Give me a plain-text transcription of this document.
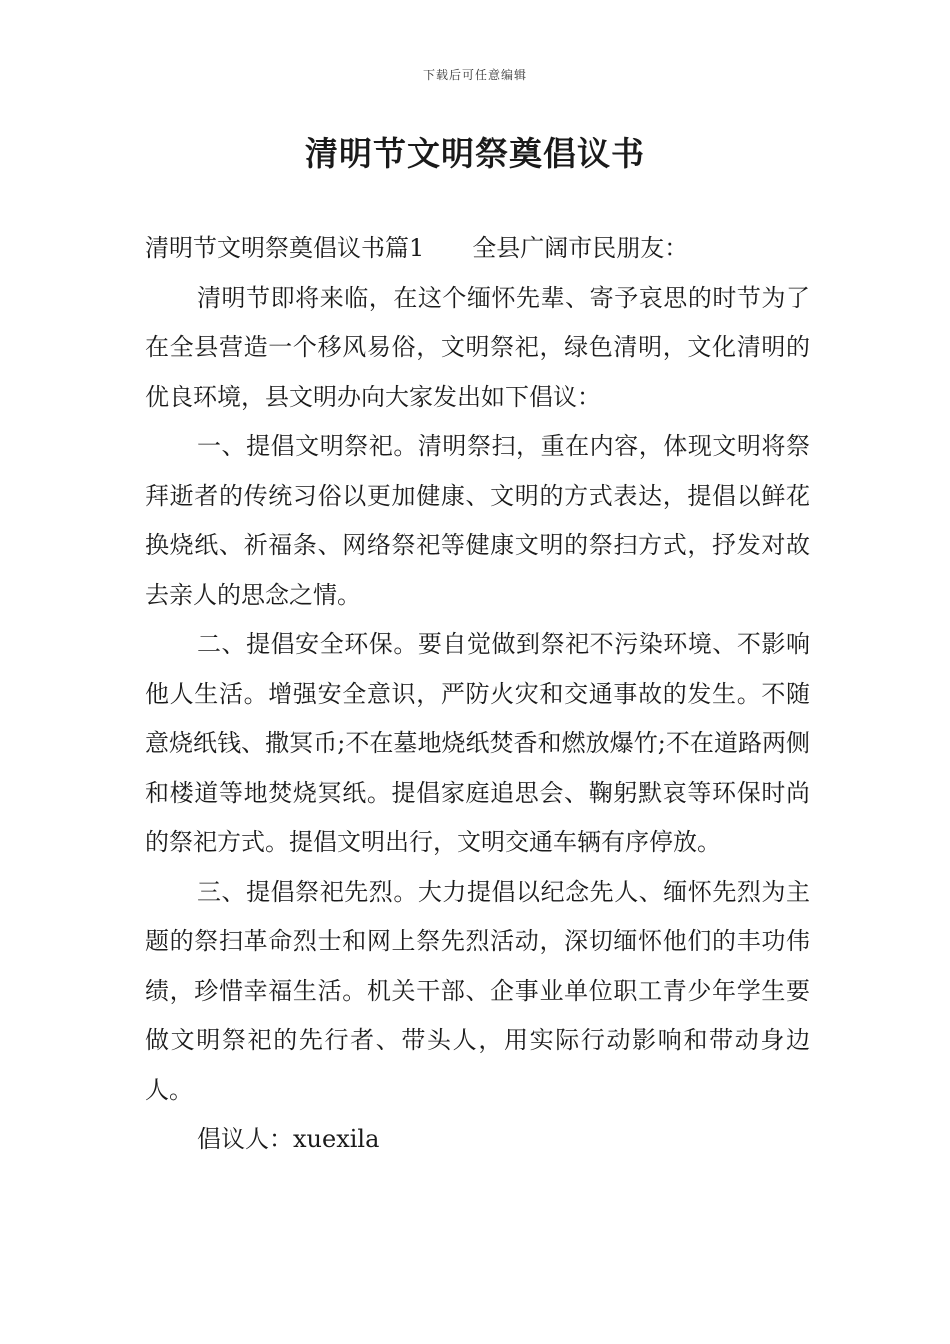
下载后可任意编辑
清明节文明祭奠倡议书

清明节文明祭奠倡议书篇1 全县广阔市民朋友：

清明节即将来临，在这个缅怀先辈、寄予哀思的时节为了在全县营造一个移风易俗，文明祭祀，绿色清明，文化清明的优良环境，县文明办向大家发出如下倡议：

一、提倡文明祭祀。清明祭扫，重在内容，体现文明将祭拜逝者的传统习俗以更加健康、文明的方式表达，提倡以鲜花换烧纸、祈福条、网络祭祀等健康文明的祭扫方式，抒发对故去亲人的思念之情。

二、提倡安全环保。要自觉做到祭祀不污染环境、不影响他人生活。增强安全意识，严防火灾和交通事故的发生。不随意烧纸钱、撒冥币;不在墓地烧纸焚香和燃放爆竹;不在道路两侧和楼道等地焚烧冥纸。提倡家庭追思会、鞠躬默哀等环保时尚的祭祀方式。提倡文明出行，文明交通车辆有序停放。

三、提倡祭祀先烈。大力提倡以纪念先人、缅怀先烈为主题的祭扫革命烈士和网上祭先烈活动，深切缅怀他们的丰功伟绩，珍惜幸福生活。机关干部、企事业单位职工青少年学生要做文明祭祀的先行者、带头人，用实际行动影响和带动身边人。

倡议人：xuexila
